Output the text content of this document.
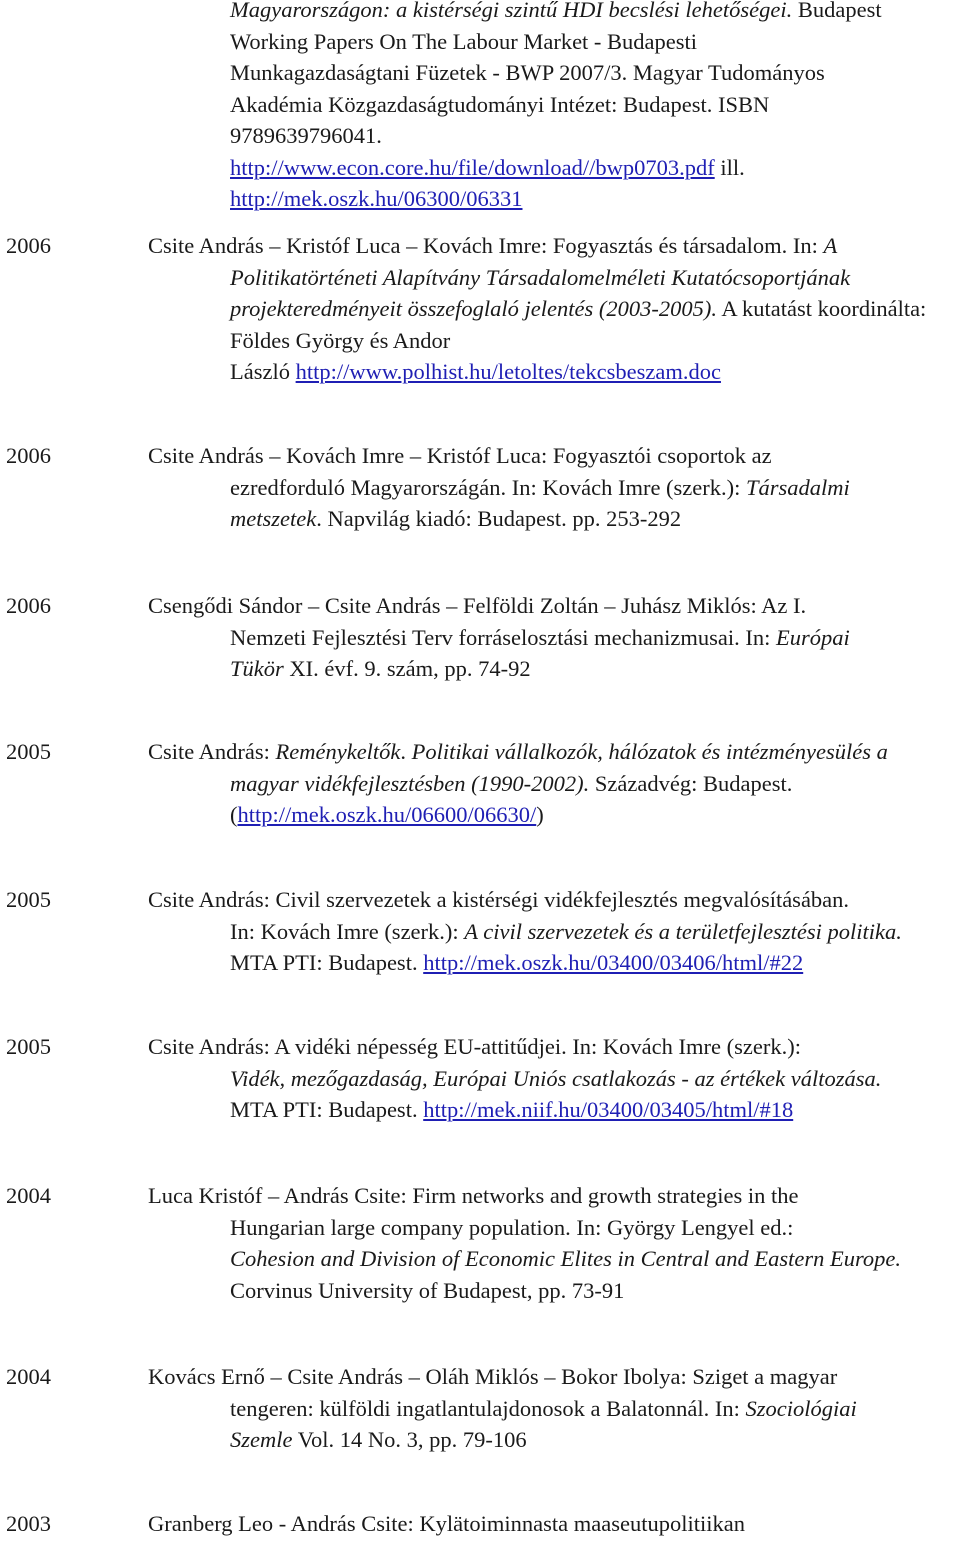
Magyarországon: a kistérségi szintű HDI becslési lehetőségei. Budapest
Working Papers On The Labour Market - Budapesti
Munkagazdaságtani Füzetek - BWP 2007/3. Magyar Tudományos
Akadémia Közgazdaságtudományi Intézet: Budapest. ISBN
9789639796041.
http://www.econ.core.hu/file/download//bwp0703.pdf ill.
http://mek.oszk.hu/06300/06331
2006	Csite András – Kristóf Luca – Kovách Imre: Fogyasztás és társadalom. In: A
Politikatörténeti Alapítvány Társadalomelméleti Kutatócsoportjának
projekteredményeit összefoglaló jelentés (2003-2005). A kutatást koordinálta:
Földes György és Andor
László http://www.polhist.hu/letoltes/tekcsbeszam.doc
2006	Csite András – Kovách Imre – Kristóf Luca: Fogyasztói csoportok az
ezredforduló Magyarországán. In: Kovách Imre (szerk.): Társadalmi
metszetek. Napvilág kiadó: Budapest. pp. 253-292
2006	Csengődi Sándor – Csite András – Felföldi Zoltán – Juhász Miklós: Az I.
Nemzeti Fejlesztési Terv forráselosztási mechanizmusai. In: Európai
Tükör XI. évf. 9. szám, pp. 74-92
2005	Csite András: Reménykeltők. Politikai vállalkozók, hálózatok és intézményesülés a
magyar vidékfejlesztésben (1990-2002). Századvég: Budapest.
(http://mek.oszk.hu/06600/06630/)
2005	Csite András: Civil szervezetek a kistérségi vidékfejlesztés megvalósításában.
In: Kovách Imre (szerk.): A civil szervezetek és a területfejlesztési politika.
MTA PTI: Budapest. http://mek.oszk.hu/03400/03406/html/#22
2005	Csite András: A vidéki népesség EU-attitűdjei. In: Kovách Imre (szerk.):
Vidék, mezőgazdaság, Európai Uniós csatlakozás - az értékek változása.
MTA PTI: Budapest. http://mek.niif.hu/03400/03405/html/#18
2004	Luca Kristóf – András Csite: Firm networks and growth strategies in the
Hungarian large company population. In: György Lengyel ed.:
Cohesion and Division of Economic Elites in Central and Eastern Europe.
Corvinus University of Budapest, pp. 73-91
2004	Kovács Ernő – Csite András – Oláh Miklós – Bokor Ibolya: Sziget a magyar
tengeren: külföldi ingatlantulajdonosok a Balatonnál. In: Szociológiai
Szemle Vol. 14 No. 3, pp. 79-106
2003	Granberg Leo - András Csite: Kylätoiminnasta maaseutupolitiikan
